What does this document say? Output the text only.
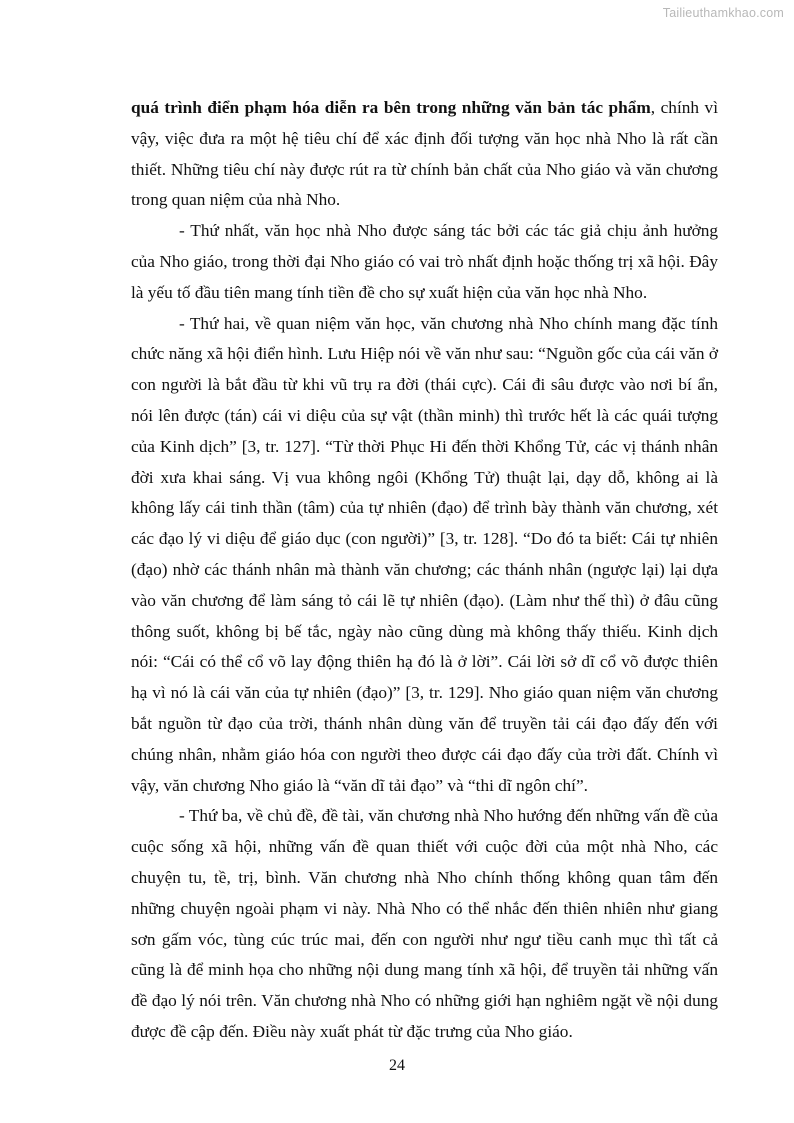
Tailieuthamkhao.com

quá trình điển phạm hóa diễn ra bên trong những văn bản tác phẩm, chính vì vậy, việc đưa ra một hệ tiêu chí để xác định đối tượng văn học nhà Nho là rất cần thiết. Những tiêu chí này được rút ra từ chính bản chất của Nho giáo và văn chương trong quan niệm của nhà Nho.

- Thứ nhất, văn học nhà Nho được sáng tác bởi các tác giả chịu ảnh hưởng của Nho giáo, trong thời đại Nho giáo có vai trò nhất định hoặc thống trị xã hội. Đây là yếu tố đầu tiên mang tính tiền đề cho sự xuất hiện của văn học nhà Nho.

- Thứ hai, về quan niệm văn học, văn chương nhà Nho chính mang đặc tính chức năng xã hội điển hình. Lưu Hiệp nói về văn như sau: “Nguồn gốc của cái văn ở con người là bắt đầu từ khi vũ trụ ra đời (thái cực). Cái đi sâu được vào nơi bí ẩn, nói lên được (tán) cái vi diệu của sự vật (thần minh) thì trước hết là các quái tượng của Kinh dịch” [3, tr. 127]. “Từ thời Phục Hi đến thời Khổng Tử, các vị thánh nhân đời xưa khai sáng. Vị vua không ngôi (Khổng Tử) thuật lại, dạy dỗ, không ai là không lấy cái tinh thần (tâm) của tự nhiên (đạo) để trình bày thành văn chương, xét các đạo lý vi diệu để giáo dục (con người)” [3, tr. 128]. “Do đó ta biết: Cái tự nhiên (đạo) nhờ các thánh nhân mà thành văn chương; các thánh nhân (ngược lại) lại dựa vào văn chương để làm sáng tỏ cái lẽ tự nhiên (đạo). (Làm như thế thì) ở đâu cũng thông suốt, không bị bế tắc, ngày nào cũng dùng mà không thấy thiếu. Kinh dịch nói: “Cái có thể cổ võ lay động thiên hạ đó là ở lời”. Cái lời sở dĩ cổ võ được thiên hạ vì nó là cái văn của tự nhiên (đạo)” [3, tr. 129]. Nho giáo quan niệm văn chương bắt nguồn từ đạo của trời, thánh nhân dùng văn để truyền tải cái đạo đấy đến với chúng nhân, nhằm giáo hóa con người theo được cái đạo đấy của trời đất. Chính vì vậy, văn chương Nho giáo là “văn dĩ tải đạo” và “thi dĩ ngôn chí”.

- Thứ ba, về chủ đề, đề tài, văn chương nhà Nho hướng đến những vấn đề của cuộc sống xã hội, những vấn đề quan thiết với cuộc đời của một nhà Nho, các chuyện tu, tề, trị, bình. Văn chương nhà Nho chính thống không quan tâm đến những chuyện ngoài phạm vi này. Nhà Nho có thể nhắc đến thiên nhiên như giang sơn gấm vóc, tùng cúc trúc mai, đến con người như ngư tiều canh mục thì tất cả cũng là để minh họa cho những nội dung mang tính xã hội, để truyền tải những vấn đề đạo lý nói trên. Văn chương nhà Nho có những giới hạn nghiêm ngặt về nội dung được đề cập đến. Điều này xuất phát từ đặc trưng của Nho giáo.

24
